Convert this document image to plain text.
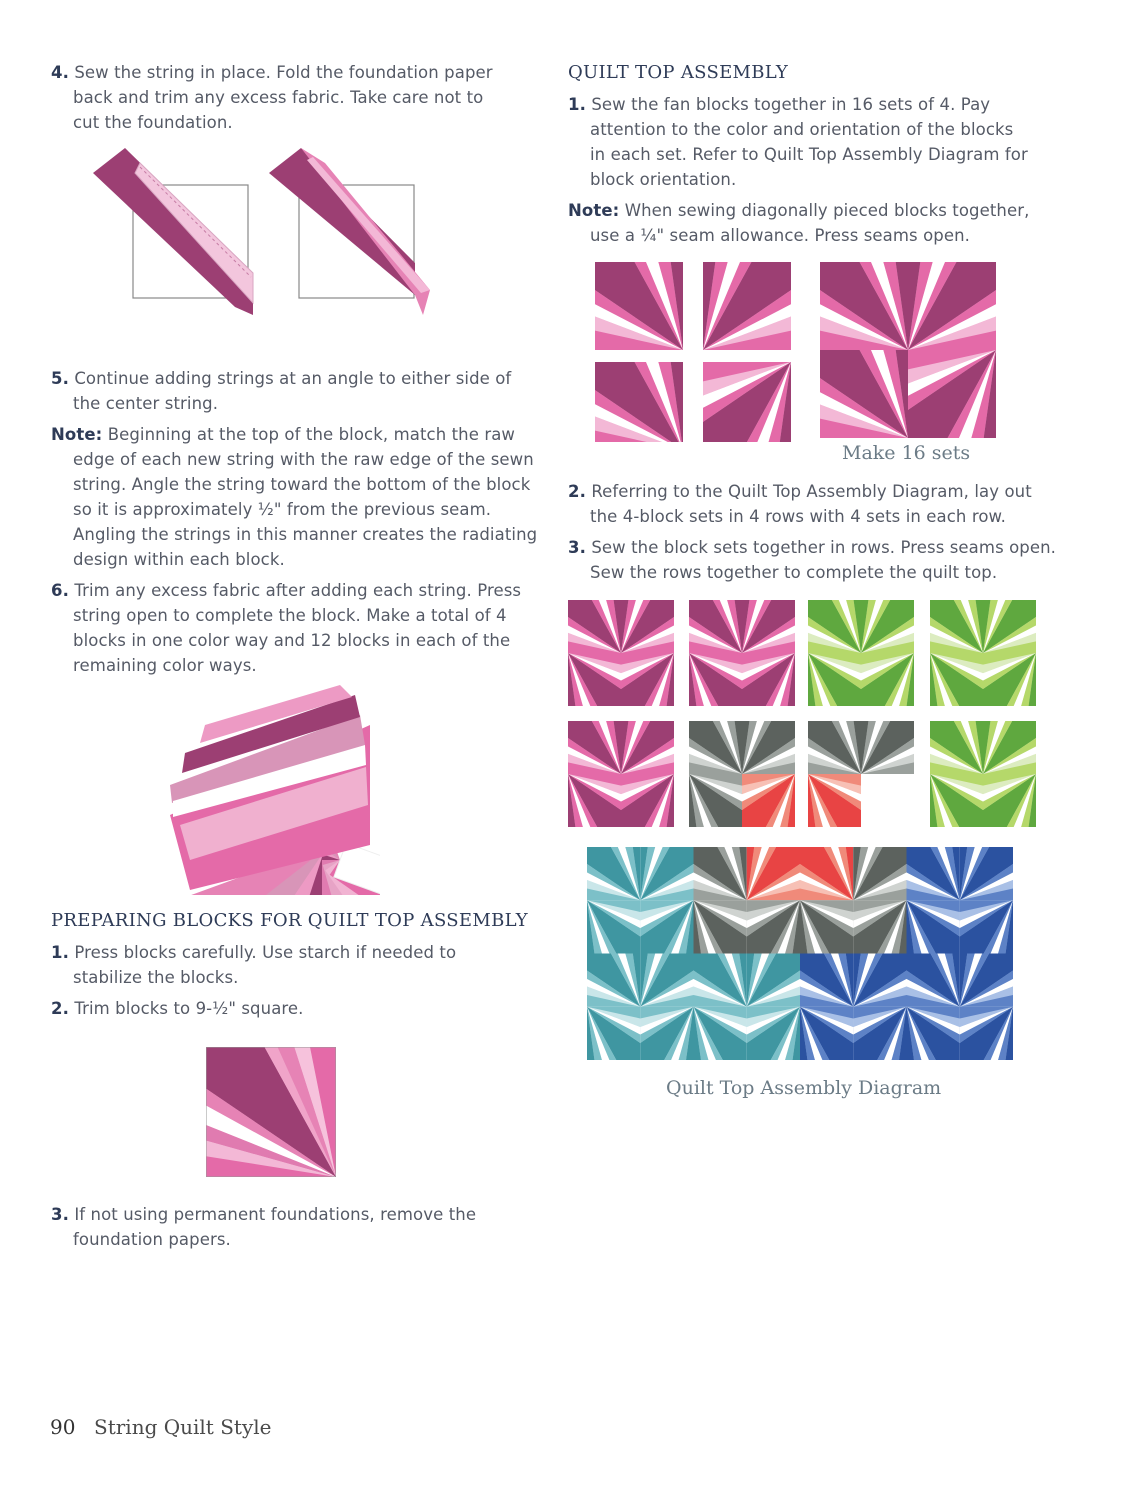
4. Sew the string in place. Fold the foundation paper back and trim any excess fabric. Take care not to cut the foundation.
5. Continue adding strings at an angle to either side of the center string.
Note: Beginning at the top of the block, match the raw edge of each new string with the raw edge of the sewn string. Angle the string toward the bottom of the block so it is approximately ½" from the previous seam. Angling the strings in this manner creates the radiating design within each block.
6. Trim any excess fabric after adding each string. Press string open to complete the block. Make a total of 4 blocks in one color way and 12 blocks in each of the remaining color ways.
PREPARING BLOCKS FOR QUILT TOP ASSEMBLY
1. Press blocks carefully. Use starch if needed to stabilize the blocks.
2. Trim blocks to 9-½" square.
3. If not using permanent foundations, remove the foundation papers.
QUILT TOP ASSEMBLY
1. Sew the fan blocks together in 16 sets of 4. Pay attention to the color and orientation of the blocks in each set. Refer to Quilt Top Assembly Diagram for block orientation.
Note: When sewing diagonally pieced blocks together, use a ¼" seam allowance. Press seams open.
Make 16 sets
2. Referring to the Quilt Top Assembly Diagram, lay out the 4-block sets in 4 rows with 4 sets in each row.
3. Sew the block sets together in rows. Press seams open. Sew the rows together to complete the quilt top.
Quilt Top Assembly Diagram
90 String Quilt Style
